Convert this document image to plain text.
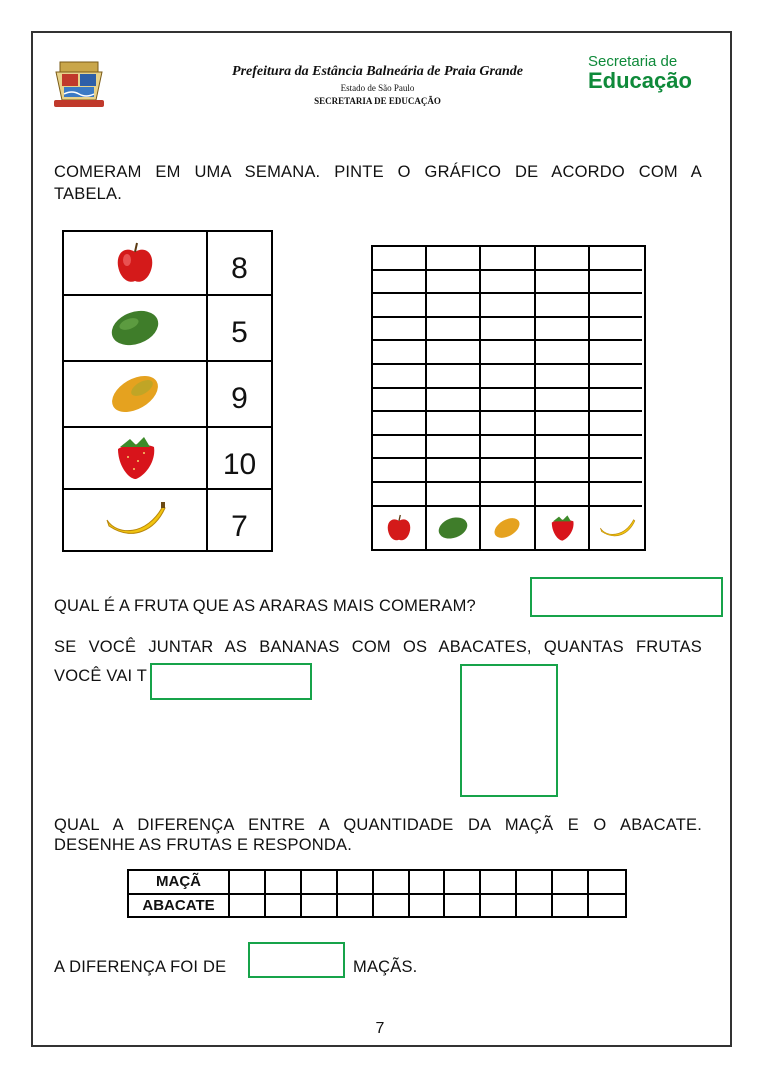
Prefeitura da Estância Balneária de Praia Grande
Estado de São Paulo
SECRETARIA DE EDUCAÇÃO
Secretaria de
Educação
COMERAM EM UMA SEMANA. PINTE O GRÁFICO DE ACORDO COM A
TABELA.
8
5
9
10
7
QUAL É A FRUTA QUE AS ARARAS MAIS COMERAM?
SE VOCÊ JUNTAR AS BANANAS COM OS ABACATES, QUANTAS FRUTAS
VOCÊ VAI T
QUAL A DIFERENÇA ENTRE A QUANTIDADE DA MAÇÃ E O ABACATE.
DESENHE AS FRUTAS E RESPONDA.
MAÇÃ
ABACATE
A DIFERENÇA FOI DE	MAÇÃS.
7
